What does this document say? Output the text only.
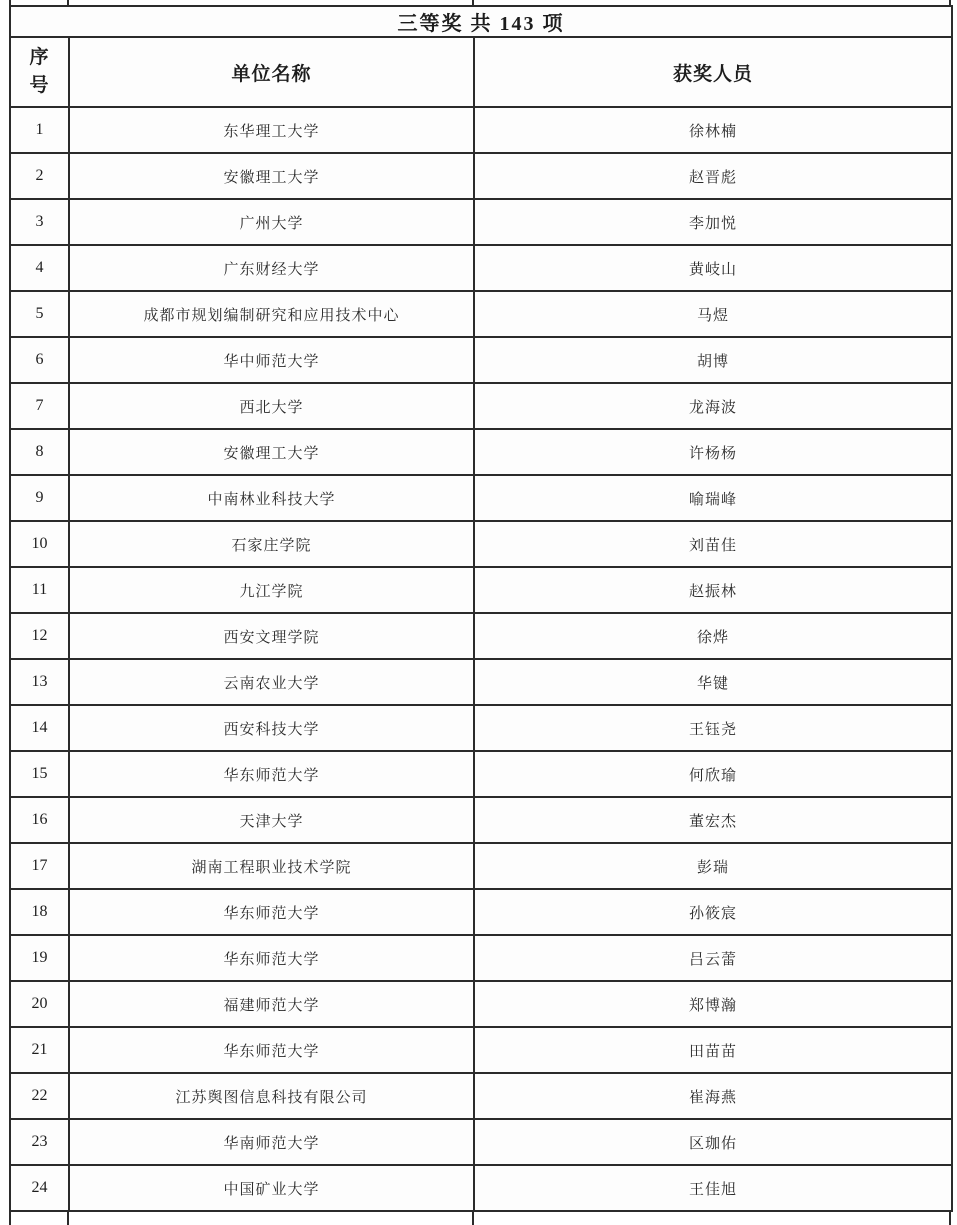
三等奖 共 143 项		
序号	单位名称	获奖人员
1	东华理工大学	徐林楠
2	安徽理工大学	赵晋彪
3	广州大学	李加悦
4	广东财经大学	黄岐山
5	成都市规划编制研究和应用技术中心	马煜
6	华中师范大学	胡博
7	西北大学	龙海波
8	安徽理工大学	许杨杨
9	中南林业科技大学	喻瑞峰
10	石家庄学院	刘苗佳
11	九江学院	赵振林
12	西安文理学院	徐烨
13	云南农业大学	华键
14	西安科技大学	王钰尧
15	华东师范大学	何欣瑜
16	天津大学	董宏杰
17	湖南工程职业技术学院	彭瑞
18	华东师范大学	孙筱宸
19	华东师范大学	吕云蕾
20	福建师范大学	郑博瀚
21	华东师范大学	田苗苗
22	江苏舆图信息科技有限公司	崔海燕
23	华南师范大学	区珈佑
24	中国矿业大学	王佳旭
